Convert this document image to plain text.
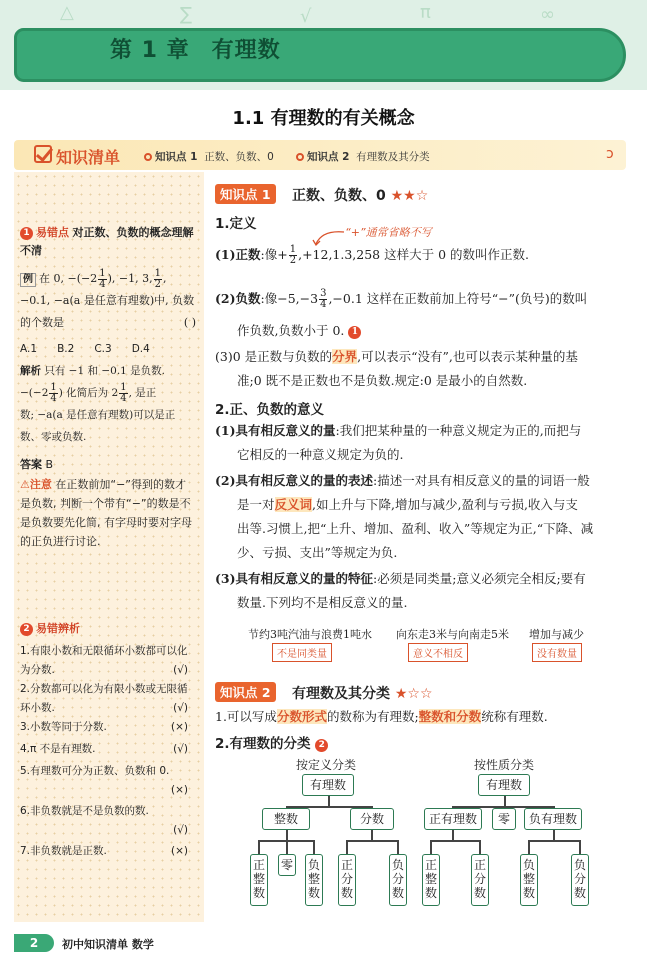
∑	√	π	∞
△
第 1 章 有理数
1.1 有理数的有关概念
知识清单	知识点 1 正数、负数、0	知识点 2 有理数及其分类	ↄ
1 易错点 对正数、负数的概念理解不清
例 在 0, $-(-2 \frac{1}{4}$ ), −1, 3, $\frac{1}{2}$ ,
−0.1, −a(a 是任意有理数)中, 负数的个数是	( )
A.1 B.2 C.3 D.4
解析 只有 −1 和 −0.1 是负数.
$-(-2 \frac{1}{4}$ ) 化简后为 $2 \frac{1}{4}$ , 是正
数; −a(a 是任意有理数)可以是正数、零或负数.
答案 B
⚠注意 在正数前加“−”得到的数才是负数, 判断一个带有“−”的数是不是负数要先化简, 有字母时要对字母的正负进行讨论.
2 易错辨析
1.有限小数和无限循环小数都可以化为分数.	(√)
2.分数都可以化为有限小数或无限循环小数.	(√)
3.小数等同于分数.	(×)
4.π 不是有理数.	(√)
5.有理数可分为正数、负数和 0.
(×)
6.非负数就是不是负数的数.
(√)
7.非负数就是正数.	(×)
知识点 1	正数、负数、0 ★★☆
1.定义
“+”通常省略不写
(1)正数:像+ $\frac{1}{2} ,+12,1.3,258$ 这样大于 0 的数叫作正数.
(2)负数:像$-5,-3 \frac{3}{4} ,-0.1$ 这样在正数前加上符号“−”(负号)的数叫
作负数,负数小于 0. 1
(3)0 是正数与负数的分界,可以表示“没有”,也可以表示某种量的基
准;0 既不是正数也不是负数.规定:0 是最小的自然数.
2.正、负数的意义
(1)具有相反意义的量:我们把某种量的一种意义规定为正的,而把与
它相反的一种意义规定为负的.
(2)具有相反意义的量的表述:描述一对具有相反意义的量的词语一般
是一对反义词,如上升与下降,增加与减少,盈利与亏损,收入与支
出等.习惯上,把“上升、增加、盈利、收入”等规定为正,“下降、减
少、亏损、支出”等规定为负.
(3)具有相反意义的量的特征:必须是同类量;意义必须完全相反;要有
数量.下列均不是相反意义的量.
节约3吨汽油与浪费1吨水
不是同类量
向东走3米与向南走5米
意义不相反
增加与减少
没有数量
知识点 2	有理数及其分类 ★☆☆
1.可以写成分数形式的数称为有理数;整数和分数统称有理数.
2.有理数的分类 2
按定义分类
有理数
整数	分数
正整数
零 负整数
正分数
负分数
按性质分类
有理数
正有理数	零	负有理数
正整数
正分数
负整数
负分数
2	初中知识清单 数学
